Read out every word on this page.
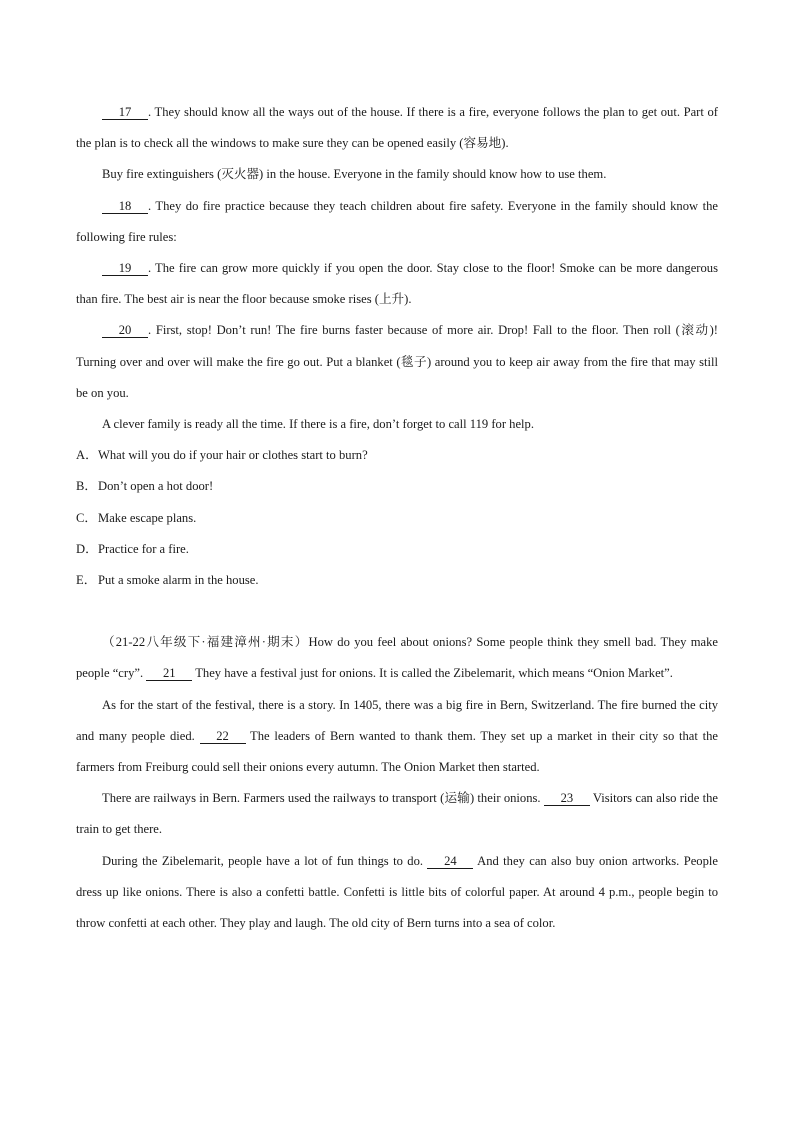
17 . They should know all the ways out of the house. If there is a fire, everyone follows the plan to get out. Part of the plan is to check all the windows to make sure they can be opened easily (容易地).

Buy fire extinguishers (灭火器) in the house. Everyone in the family should know how to use them.

18 . They do fire practice because they teach children about fire safety. Everyone in the family should know the following fire rules:

19 . The fire can grow more quickly if you open the door. Stay close to the floor! Smoke can be more dangerous than fire. The best air is near the floor because smoke rises (上升).

20 . First, stop! Don’t run! The fire burns faster because of more air. Drop! Fall to the floor. Then roll (滚动)! Turning over and over will make the fire go out. Put a blanket (毯子) around you to keep air away from the fire that may still be on you.

A clever family is ready all the time. If there is a fire, don’t forget to call 119 for help.

A．What will you do if your hair or clothes start to burn?

B．Don’t open a hot door!

C．Make escape plans.

D．Practice for a fire.

E． Put a smoke alarm in the house.

（21-22八年级下·福建漳州·期末）How do you feel about onions? Some people think they smell bad. They make people “cry”. 21 They have a festival just for onions. It is called the Zibelemarit, which means “Onion Market”.

As for the start of the festival, there is a story. In 1405, there was a big fire in Bern, Switzerland. The fire burned the city and many people died. 22 The leaders of Bern wanted to thank them. They set up a market in their city so that the farmers from Freiburg could sell their onions every autumn. The Onion Market then started.

There are railways in Bern. Farmers used the railways to transport (运输) their onions. 23 Visitors can also ride the train to get there.

During the Zibelemarit, people have a lot of fun things to do. 24 And they can also buy onion artworks. People dress up like onions. There is also a confetti battle. Confetti is little bits of colorful paper. At around 4 p.m., people begin to throw confetti at each other. They play and laugh. The old city of Bern turns into a sea of color.
